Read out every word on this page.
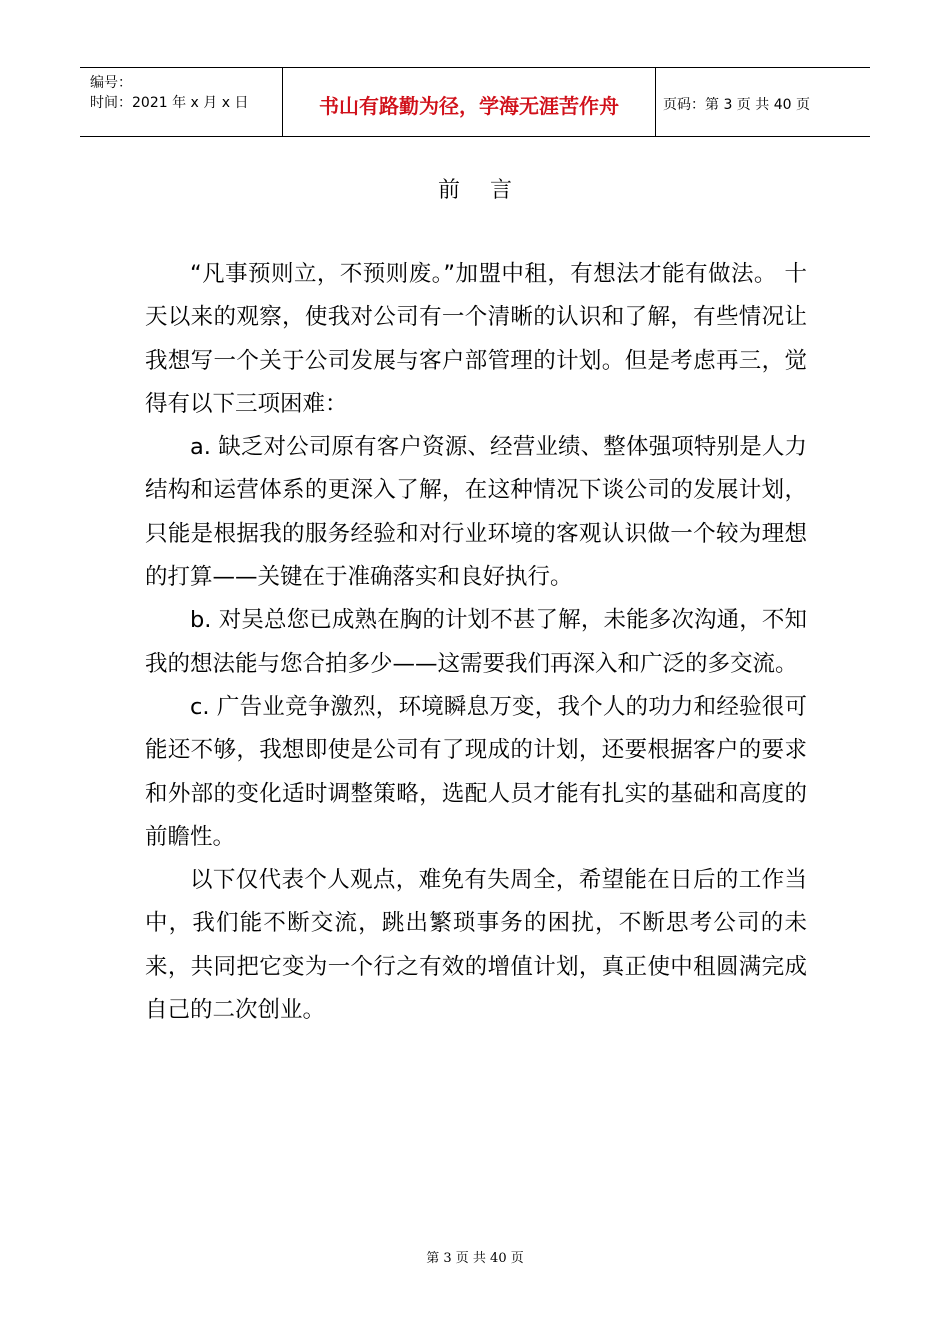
编号：
时间：2021 年 x 月 x 日	书山有路勤为径，学海无涯苦作舟	页码：第 3 页 共 40 页
前言

“凡事预则立，不预则废。”加盟中租，有想法才能有做法。 十天以来的观察，使我对公司有一个清晰的认识和了解，有些情况让我想写一个关于公司发展与客户部管理的计划。但是考虑再三，觉得有以下三项困难：

a. 缺乏对公司原有客户资源、经营业绩、整体强项特别是人力结构和运营体系的更深入了解，在这种情况下谈公司的发展计划，只能是根据我的服务经验和对行业环境的客观认识做一个较为理想的打算——关键在于准确落实和良好执行。

b. 对吴总您已成熟在胸的计划不甚了解，未能多次沟通，不知我的想法能与您合拍多少——这需要我们再深入和广泛的多交流。

c. 广告业竞争激烈，环境瞬息万变，我个人的功力和经验很可能还不够，我想即使是公司有了现成的计划，还要根据客户的要求和外部的变化适时调整策略，选配人员才能有扎实的基础和高度的前瞻性。

以下仅代表个人观点，难免有失周全，希望能在日后的工作当中，我们能不断交流，跳出繁琐事务的困扰，不断思考公司的未来，共同把它变为一个行之有效的增值计划，真正使中租圆满完成自己的二次创业。

第 3 页 共 40 页
